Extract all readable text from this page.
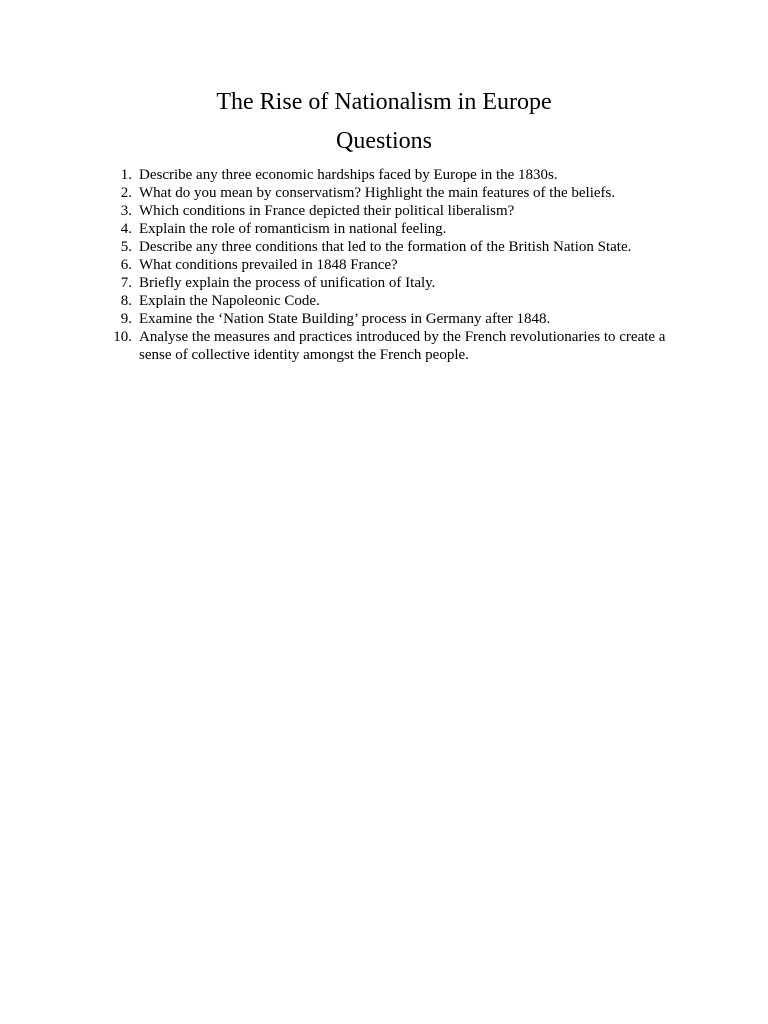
The Rise of Nationalism in Europe
Questions
1. Describe any three economic hardships faced by Europe in the 1830s.
2. What do you mean by conservatism? Highlight the main features of the beliefs.
3. Which conditions in France depicted their political liberalism?
4. Explain the role of romanticism in national feeling.
5. Describe any three conditions that led to the formation of the British Nation State.
6. What conditions prevailed in 1848 France?
7. Briefly explain the process of unification of Italy.
8. Explain the Napoleonic Code.
9. Examine the ‘Nation State Building’ process in Germany after 1848.
10. Analyse the measures and practices introduced by the French revolutionaries to create a sense of collective identity amongst the French people.
